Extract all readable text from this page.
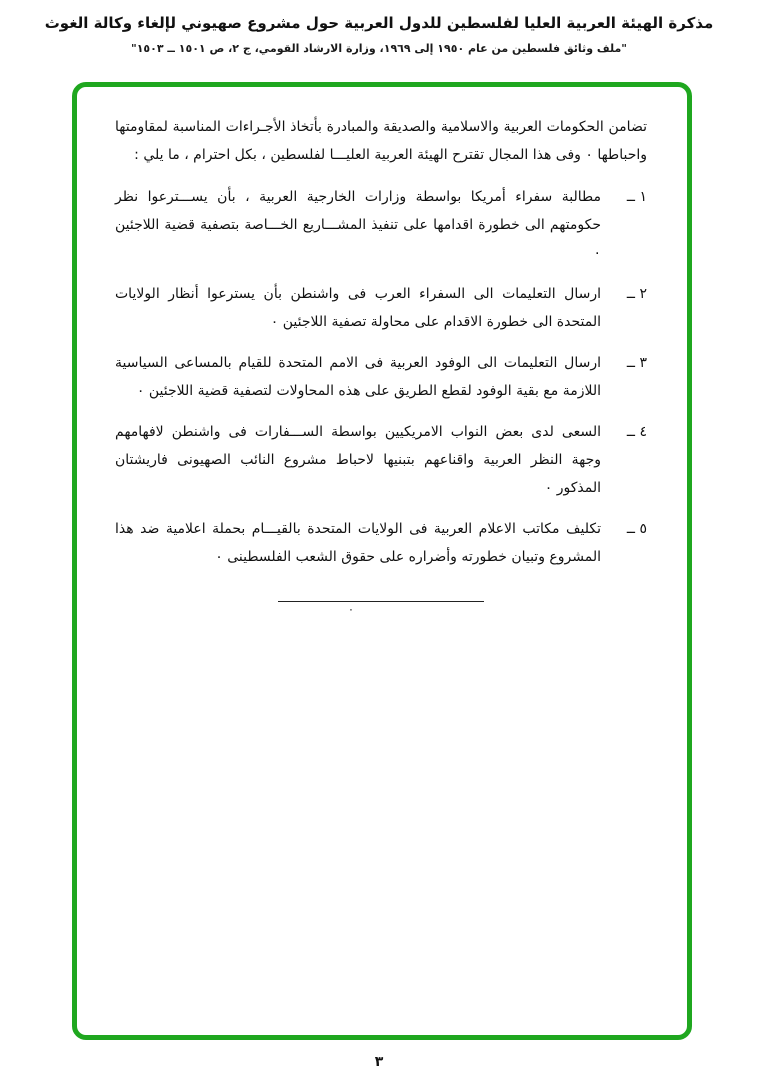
مذكرة الهيئة العربية العليا لفلسطين للدول العربية حول مشروع صهيوني لإلغاء وكالة الغوث
"ملف وثائق فلسطين من عام ١٩٥٠ إلى ١٩٦٩، وزارة الارشاد القومي، ج ٢، ص ١٥٠١ ــ ١٥٠٣"

تضامن الحكومات العربية والاسلامية والصديقة والمبادرة بأتخاذ الأجـراءات المناسبة لمقاومتها واحباطها ٠ وفى هذا المجال تقترح الهيئة العربية العليـــا لفلسطين ، بكل احترام ، ما يلي :

١ ــ
مطالبة سفراء أمريكا بواسطة وزارات الخارجية العربية ، بأن يســـترعوا نظر حكومتهم الى خطورة اقدامها على تنفيذ المشـــاريع الخـــاصة بتصفية قضية اللاجئين ٠
٢ ــ
ارسال التعليمات الى السفراء العرب فى واشنطن بأن يسترعوا أنظار الولايات المتحدة الى خطورة الاقدام على محاولة تصفية اللاجئين ٠
٣ ــ
ارسال التعليمات الى الوفود العربية فى الامم المتحدة للقيام بالمساعى السياسية اللازمة مع بقية الوفود لقطع الطريق على هذه المحاولات لتصفية قضية اللاجئين ٠
٤ ــ
السعى لدى بعض النواب الامريكيين بواسطة الســـفارات فى واشنطن لافهامهم وجهة النظر العربية واقناعهم بتبنيها لاحباط مشروع النائب الصهيونى فاريشتان المذكور ٠
٥ ــ
تكليف مكاتب الاعلام العربية فى الولايات المتحدة بالقيـــام بحملة اعلامية ضد هذا المشروع وتبيان خطورته وأضراره على حقوق الشعب الفلسطينى ٠
٠
٣
